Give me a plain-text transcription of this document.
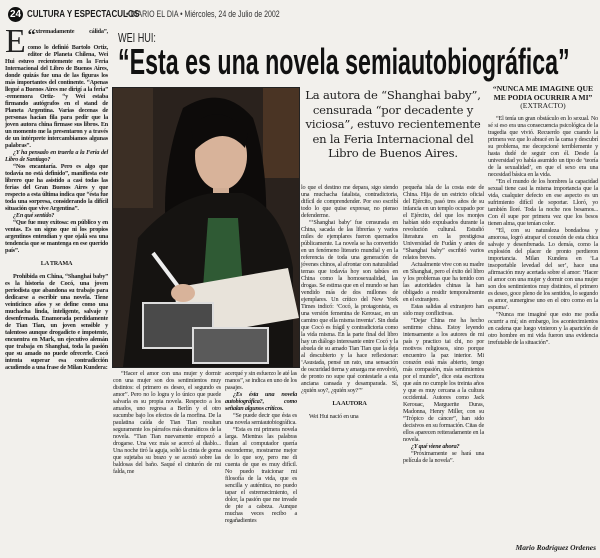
24 CULTURA Y ESPECTACULOS
• DIARIO EL DIA • Miércoles, 24 de Julio de 2002

“
E xtremadamente cálida”, como lo definió Bartolo Ortiz, editor de Planeta Chilena, Wei Hui estuvo recientemente en la Feria Internacional del Libro de Buenos Aires, donde quizás fue una de las figuras los más importantes del continente. “Apenas llegué a Buenos Aires me dirigí a la feria” -rememora Ortiz- “y Wei estaba firmando autógrafos en el stand de Planeta Argentina. Varias decenas de personas hacían fila para pedir que la joven autora china firmase sus libros. En un momento me la presentaron y a través de un intérprete intercambiamos algunas palabras”.

¿Y ha pensado en traerla a la Feria del Libro de Santiago?

“Nos encantaría. Pero es algo que todavía no está definido”, manifiesta este librero que ha asistido a casi todas las ferias del Gran Buenos Aires y que respecto a esta última indica que “ésta fue toda una sorpresa, considerando la difícil situación que vive Argentina”.

¿En qué sentido?

“Que fue muy exitosa: en público y en ventas. Es un signo que ni los propios argentinos entendían y que ojalá sea una tendencia que se mantenga en ese querido país”.

LA TRAMA

Prohibida en China, “Shanghai baby” es la historia de Cocó, una joven periodista que abandona su trabajo para dedicarse a escribir una novela. Tiene veinticinco años y se define como una muchacha linda, inteligente, salvaje y desenfrenada. Enamorada perdidamente de Tian Tian, un joven sensible y talentoso aunque drogadicto e impotente, encuentra en Mark, un ejecutivo alemán que trabaja en Shanghai, toda la pasión que su amado no puede ofrecerle. Cocó intenta superar esa contradicción acudiendo a una frase de Milan Kundera:

WEI HUI:
“Esta es una novela semiautobiográfica”
La autora de “Shanghai baby”, censurada “por decadente y viciosa”, estuvo recientemente en la Feria Internacional del Libro de Buenos Aires.

“Hacer el amor con una mujer y dormir con una mujer son dos sentimientos muy distintos: el primero es deseo, el segundo es amor”. Pero no lo logra y lo único que puede salvarla es su propia novela. Respecto a los amados, uno regresa a Berlín y el otro sucumbe bajo los efectos de la morfina. De la paulatina caída de Tian Tian resultan seguramente los párrafos más dramáticos de la novela. “Tian Tian nuevamente empezó a drogarse. Una vez más se acercó al diablo... Una noche tiró la aguja, soltó la cinta de goma que sujetaba su brazo y se acostó sobre las baldosas del baño. Saqué el cinturón de mi falda, me

acerqué y sin esfuerzo le até las manos”, se indica en uno de los pasajes.

¿Es ésta una novela autobiográfica?, como señalan algunos críticos.

“Se puede decir que ésta es una novela semiautobiográfica.

“Esta es mi primera novela larga. Mientras las palabras fluían al computador quería esconderme, mostrarme mejor de lo que soy, pero me di cuenta de que es muy difícil. No puedo traicionar mi filosofía de la vida, que es sencilla y auténtica, no puedo tapar el estremecimiento, el dolor, la pasión que me invade de pie a cabeza. Aunque muchas veces recibo a regañadientes

lo que el destino me depara, sigo siendo una muchacha fatalista, contradictoria, difícil de comprendender. Por eso escribí todo lo que quise expresar, no pienso defenderme.

“‘Shanghai baby’ fue censurada en China, sacada de las librerías y varios miles de ejemplares fueron quemados públicamente. La novela se ha convertido en un fenómeno literario mundial y en la referencia de toda una generación de jóvenes chinos, al afrontar con naturalidad temas que todavía hoy son tabúes en China como la homosexualidad, las drogas. Se estima que en el mundo se han vendido más de dos millones de ejemplares. Un crítico del New York Times indicó: ‘Cocó, la protagonista, es una versión femenina de Kerouac, en un camino que ella misma inventa’. Sin duda que Cocó es frágil y contradictoria como la vida misma. En la parte final del libro hay un diálogo interesante entre Cocó y la abuela de su amado Tian Tian que la deja al descubierto y la hace reflexionar: ‘Asustada, pensé un rato, una sensación de oscuridad tierna y amarga me envolvió, de pronto no supe qué contestarle a esta anciana cansada y desamparada. Sí, ¿quién soy?, ¿quién soy?’”

LA AUTORA

Wei Hui nació en una

pequeña isla de la costa este de China. Hija de un estricto oficial del Ejército, pasó tres años de su infancia en un templo ocupado por el Ejército, del que los monjes habían sido expulsados durante la revolución cultural. Estudió literatura en la prestigiosa Universidad de Fudán y antes de “Shanghai baby” escribió varios relatos breves.

Actualmente vive con su madre en Shanghai, pero el éxito del libro y los problemas que ha tenido con las autoridades chinas la han obligado a residir temporalmente en el extranjero.

Estas salidas al extranjero han sido muy conflictivas.

“Dejar China me ha hecho sentirme china. Estoy leyendo intensamente a los autores de mi país y practico tai chi, no por motivos religiosos, sino porque encuentro la paz interior. Mi corazón está más abierto, tengo más compasión, más sentimientos por el mundo”, dice esta escritora que aún no cumple los treinta años y que es muy cercana a la cultura occidental. Autores como Jack Kerouac, Marguerite Duras, Madonna, Henry Miller, con su “Trópico de cáncer”, han sido decisivos en su formación. Citas de ellos aparecen reiteradamente en la novela.

¿Y qué viene ahora?

“Próximamente se hará una película de la novela”.

“NUNCA ME IMAGINE QUE ME PODIA OCURRIR A MI”

(EXTRACTO)

“El tenía un gran obstáculo en lo sexual. No sé si eso era una consecuencia psicológica de la tragedia que vivió. Recuerdo que cuando la primera vez que lo abracé en la cama y descubrí su problema, me decepcioné terriblemente y hasta dudé de seguir con él. Desde la universidad yo había asumido un tipo de ‘teoría de la sexualidad’, en que el sexo era una necesidad básica en la vida.

“En el mundo de los hombres la capacidad sexual tiene casi la misma importancia que la vida, cualquier defecto en ese aspecto es un sufrimiento difícil de soportar. Lloró, yo también lloré. Toda la noche nos besamos... Con él supe por primera vez que los besos tienen alma, que tenían color.

“El, con su naturaleza bondadosa y amorosa, logró atrapar el corazón de esta chica salvaje y desenfrenada. Lo demás, como la explosión del placer de pronto perdieron importancia. Milan Kundera en ‘La insoportable levedad del ser’, hace una afirmación muy acertada sobre el amor: ‘Hacer el amor con una mujer y dormir con una mujer son dos sentimientos muy distintos, el primero es deseo, goce pleno de los sentidos, lo segundo es amor, sumergirse uno en el otro como en la espuma’.

“Nunca me imaginé que esto me podía ocurrir a mí; sin embargo, los acontecimientos en cadena que luego vinieron y la aparición de otro hombre en mi vida fueron una evidencia irrefutable de la situación”.

Mario Rodríguez Ordenes
